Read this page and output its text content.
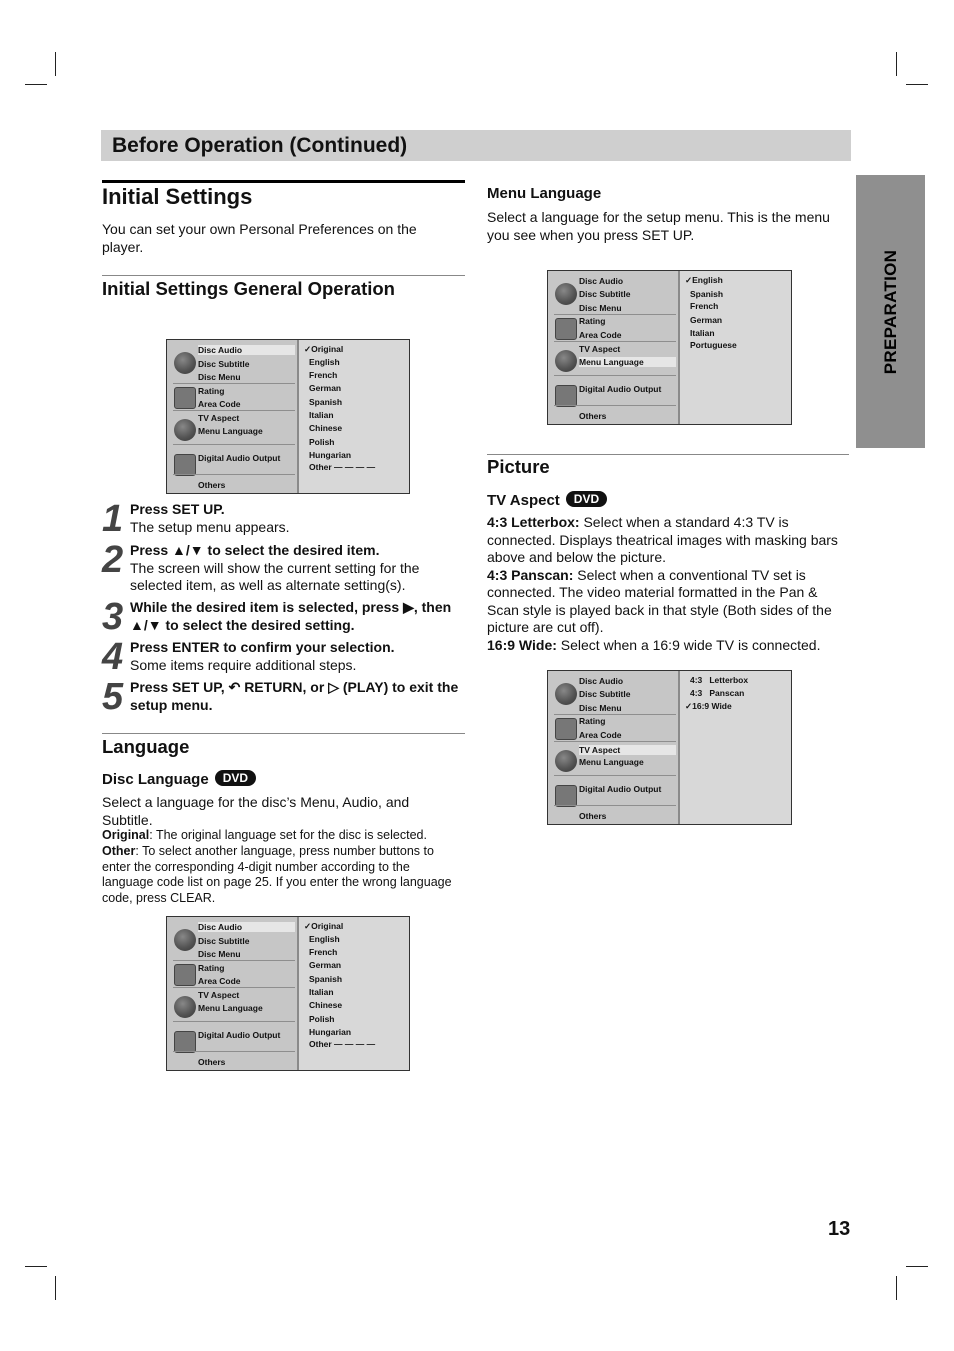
Before Operation (Continued)
PREPARATION
Initial Settings
You can set your own Personal Preferences on the player.
Initial Settings General Operation
Disc Audio
Disc Subtitle
Disc Menu
Rating
Area Code
TV Aspect
Menu Language
Digital Audio Output
Others
✓Original
English
French
German
Spanish
Italian
Chinese
Polish
Hungarian
Other — — — —
1 Press SET UP.
The setup menu appears.
2 Press ▲/▼ to select the desired item.
The screen will show the current setting for the selected item, as well as alternate setting(s).
3 While the desired item is selected, press ▶, then ▲/▼ to select the desired setting.
4 Press ENTER to confirm your selection.
Some items require additional steps.
5 Press SET UP, ↶ RETURN, or ▷ (PLAY) to exit the setup menu.
Language
Disc Language DVD
Select a language for the disc’s Menu, Audio, and Subtitle.
Original: The original language set for the disc is selected.
Other: To select another language, press number buttons to enter the corresponding 4-digit number according to the language code list on page 25. If you enter the wrong language code, press CLEAR.
Disc Audio
Disc Subtitle
Disc Menu
Rating
Area Code
TV Aspect
Menu Language
Digital Audio Output
Others
✓Original
English
French
German
Spanish
Italian
Chinese
Polish
Hungarian
Other — — — —
Menu Language
Select a language for the setup menu. This is the menu you see when you press SET UP.
Disc Audio
Disc Subtitle
Disc Menu
Rating
Area Code
TV Aspect
Menu Language
Digital Audio Output
Others
✓English
Spanish
French
German
Italian
Portuguese
Picture
TV Aspect DVD
4:3 Letterbox: Select when a standard 4:3 TV is connected. Displays theatrical images with masking bars above and below the picture.
4:3 Panscan: Select when a conventional TV set is connected. The video material formatted in the Pan & Scan style is played back in that style (Both sides of the picture are cut off).
16:9 Wide: Select when a 16:9 wide TV is connected.
Disc Audio
Disc Subtitle
Disc Menu
Rating
Area Code
TV Aspect
Menu Language
Digital Audio Output
Others
4:3   Letterbox
4:3   Panscan
✓16:9 Wide
13
